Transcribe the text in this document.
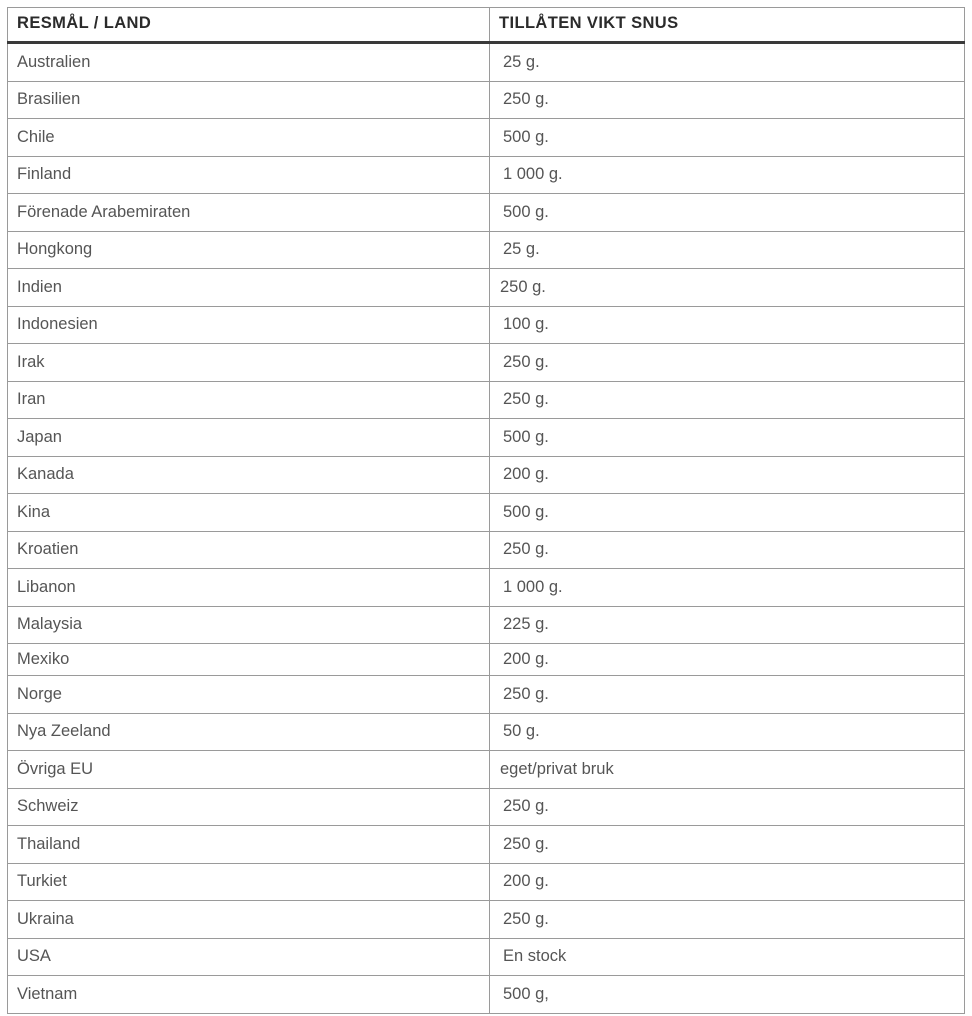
RESMÅL / LAND	TILLÅTEN VIKT SNUS
Australien	25 g.
Brasilien	250 g.
Chile	500 g.
Finland	1 000 g.
Förenade Arabemiraten	500 g.
Hongkong	25 g.
Indien	250 g.
Indonesien	100 g.
Irak	250 g.
Iran	250 g.
Japan	500 g.
Kanada	200 g.
Kina	500 g.
Kroatien	250 g.
Libanon	1 000 g.
Malaysia	225 g.
Mexiko	200 g.
Norge	250 g.
Nya Zeeland	50 g.
Övriga EU	eget/privat bruk
Schweiz	250 g.
Thailand	250 g.
Turkiet	200 g.
Ukraina	250 g.
USA	En stock
Vietnam	500 g,
